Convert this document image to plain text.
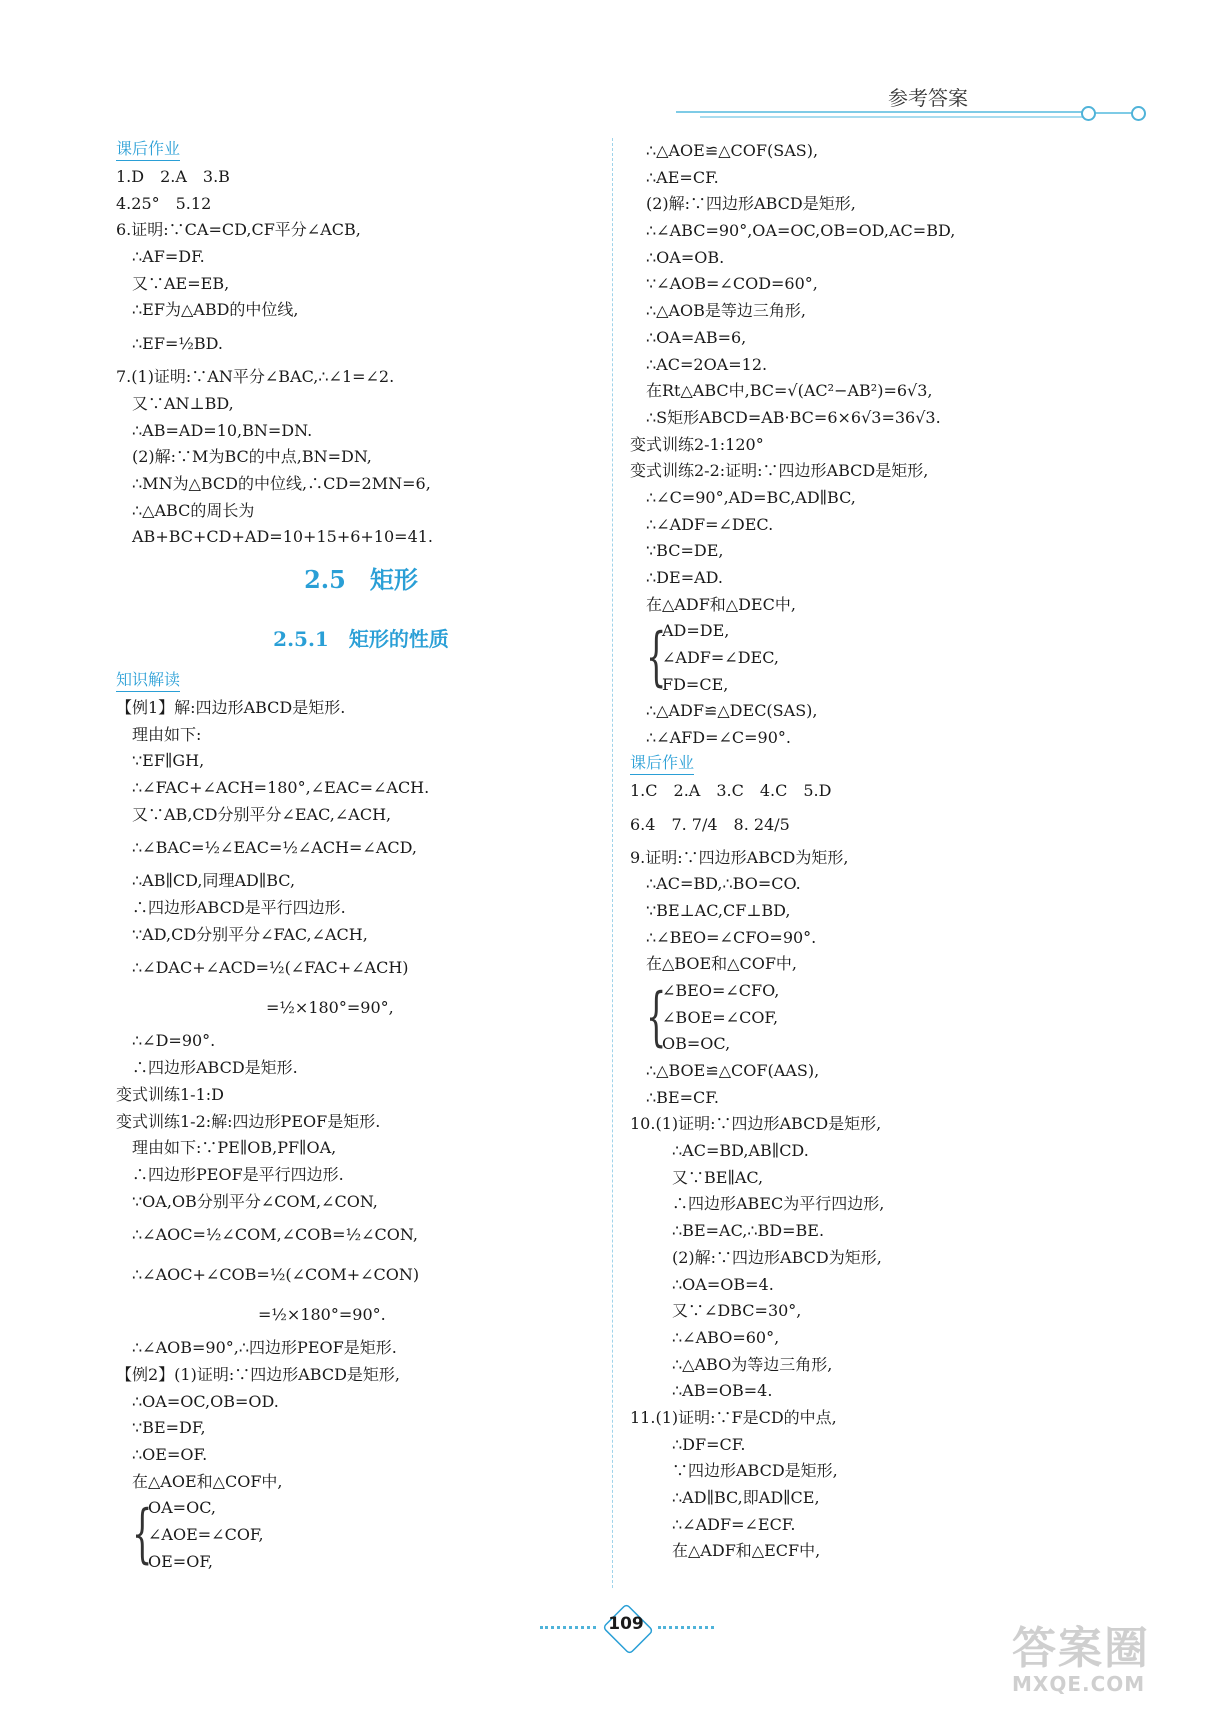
参考答案
课后作业
1.D　2.A　3.B
4.25°　5.12
6.证明:∵CA=CD,CF平分∠ACB,
∴AF=DF.
又∵AE=EB,
∴EF为△ABD的中位线,
∴EF=½BD.
7.(1)证明:∵AN平分∠BAC,∴∠1=∠2.
又∵AN⊥BD,
∴AB=AD=10,BN=DN.
(2)解:∵M为BC的中点,BN=DN,
∴MN为△BCD的中位线,∴CD=2MN=6,
∴△ABC的周长为
AB+BC+CD+AD=10+15+6+10=41.
2.5　矩形
2.5.1　矩形的性质
知识解读
【例1】解:四边形ABCD是矩形.
理由如下:
∵EF∥GH,
∴∠FAC+∠ACH=180°,∠EAC=∠ACH.
又∵AB,CD分别平分∠EAC,∠ACH,
∴∠BAC=½∠EAC=½∠ACH=∠ACD,
∴AB∥CD,同理AD∥BC,
∴四边形ABCD是平行四边形.
∵AD,CD分别平分∠FAC,∠ACH,
∴∠DAC+∠ACD=½(∠FAC+∠ACH)
=½×180°=90°,
∴∠D=90°.
∴四边形ABCD是矩形.
变式训练1-1:D
变式训练1-2:解:四边形PEOF是矩形.
理由如下:∵PE∥OB,PF∥OA,
∴四边形PEOF是平行四边形.
∵OA,OB分别平分∠COM,∠CON,
∴∠AOC=½∠COM,∠COB=½∠CON,
∴∠AOC+∠COB=½(∠COM+∠CON)
=½×180°=90°.
∴∠AOB=90°,∴四边形PEOF是矩形.
【例2】(1)证明:∵四边形ABCD是矩形,
∴OA=OC,OB=OD.
∵BE=DF,
∴OE=OF.
在△AOE和△COF中,
{
OA=OC,
∠AOE=∠COF,
OE=OF,
∴△AOE≌△COF(SAS),
∴AE=CF.
(2)解:∵四边形ABCD是矩形,
∴∠ABC=90°,OA=OC,OB=OD,AC=BD,
∴OA=OB.
∵∠AOB=∠COD=60°,
∴△AOB是等边三角形,
∴OA=AB=6,
∴AC=2OA=12.
在Rt△ABC中,BC=√(AC²−AB²)=6√3,
∴S矩形ABCD=AB·BC=6×6√3=36√3.
变式训练2-1:120°
变式训练2-2:证明:∵四边形ABCD是矩形,
∴∠C=90°,AD=BC,AD∥BC,
∴∠ADF=∠DEC.
∵BC=DE,
∴DE=AD.
在△ADF和△DEC中,
{
AD=DE,
∠ADF=∠DEC,
FD=CE,
∴△ADF≌△DEC(SAS),
∴∠AFD=∠C=90°.
课后作业
1.C　2.A　3.C　4.C　5.D
6.4　7. 7/4　8. 24/5
9.证明:∵四边形ABCD为矩形,
∴AC=BD,∴BO=CO.
∵BE⊥AC,CF⊥BD,
∴∠BEO=∠CFO=90°.
在△BOE和△COF中,
{
∠BEO=∠CFO,
∠BOE=∠COF,
OB=OC,
∴△BOE≌△COF(AAS),
∴BE=CF.
10.(1)证明:∵四边形ABCD是矩形,
∴AC=BD,AB∥CD.
又∵BE∥AC,
∴四边形ABEC为平行四边形,
∴BE=AC,∴BD=BE.
(2)解:∵四边形ABCD为矩形,
∴OA=OB=4.
又∵∠DBC=30°,
∴∠ABO=60°,
∴△ABO为等边三角形,
∴AB=OB=4.
11.(1)证明:∵F是CD的中点,
∴DF=CF.
∵四边形ABCD是矩形,
∴AD∥BC,即AD∥CE,
∴∠ADF=∠ECF.
在△ADF和△ECF中,
109	答案圈
MXQE.COM
